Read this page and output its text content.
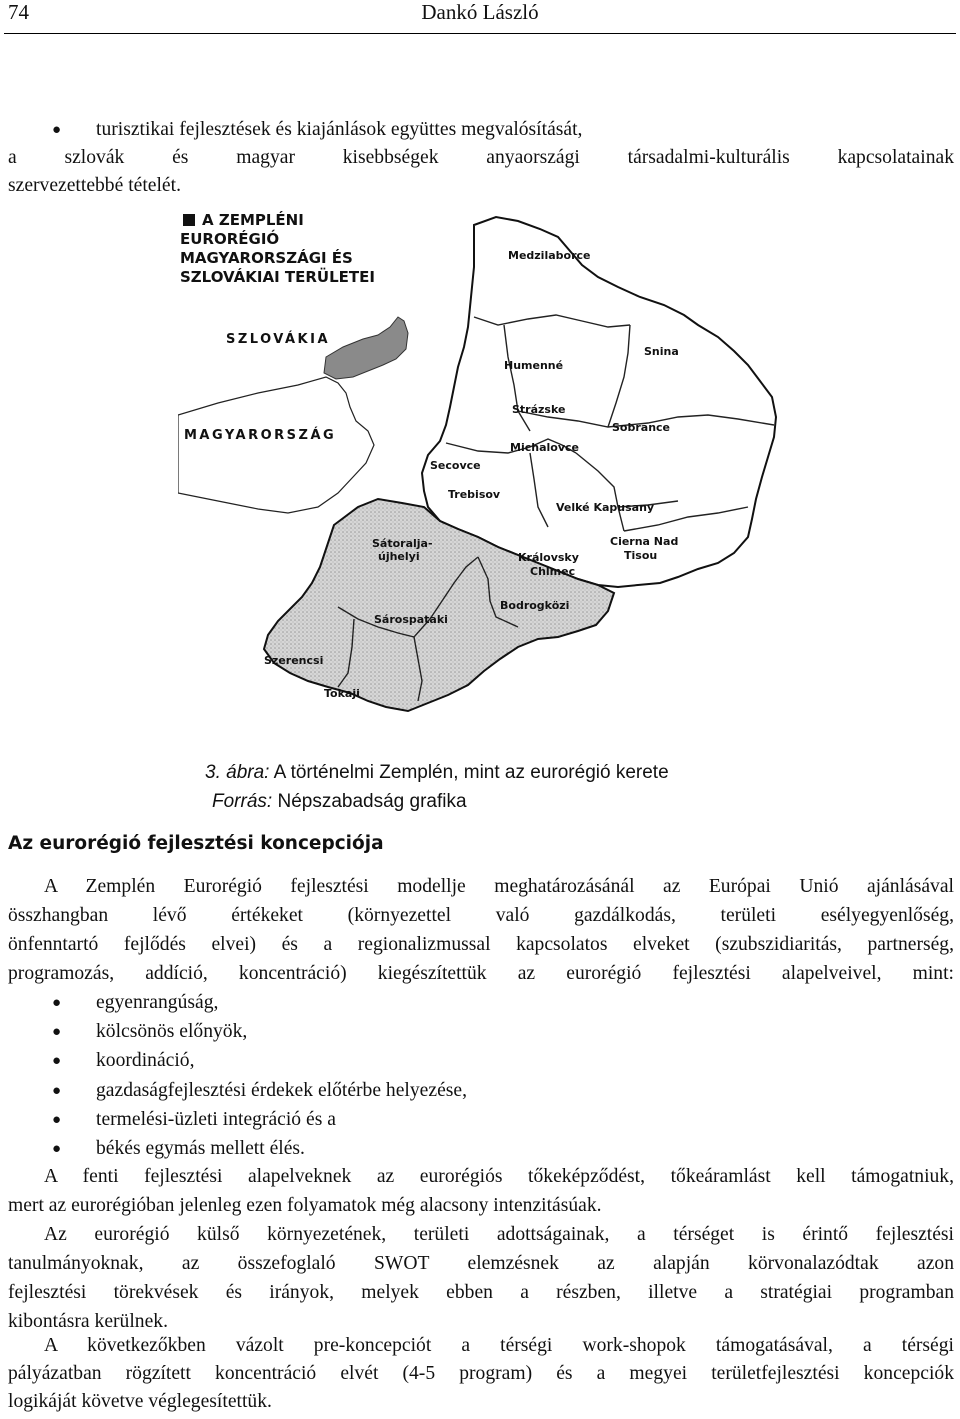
74	Dankó László
● turisztikai fejlesztések és kiajánlások együttes megvalósítását,
a szlovák és magyar kisebbségek anyaországi társadalmi-kulturális kapcsolatainak
szervezettebbé tételét.
A ZEMPLÉNI
EURORÉGIÓ
MAGYARORSZÁGI ÉS
SZLOVÁKIAI TERÜLETEI
SZLOVÁKIA
MAGYARORSZÁG
Medzilaborce
Humenné
Snina
Strázske
Sobrance
Michalovce
Secovce
Trebisov
Velké Kapusany
Sátoralja-
újhelyi
Cierna Nad
Tisou
Královsky
Chlmec
Bodrogközi
Sárospataki
Szerencsi
Tokaji
3. ábra: A történelmi Zemplén, mint az eurorégió kerete
Forrás: Népszabadság grafika
Az eurorégió fejlesztési koncepciója
A Zemplén Eurorégió fejlesztési modellje meghatározásánál az Európai Unió ajánlásával
összhangban lévő értékeket (környezettel való gazdálkodás, területi esélyegyenlőség,
önfenntartó fejlődés elvei) és a regionalizmussal kapcsolatos elveket (szubszidiaritás, partnerség,
programozás, addíció, koncentráció) kiegészítettük az eurorégió fejlesztési alapelveivel, mint:
● egyenrangúság,
● kölcsönös előnyök,
● koordináció,
● gazdaságfejlesztési érdekek előtérbe helyezése,
● termelési-üzleti integráció és a
● békés egymás mellett élés.
A fenti fejlesztési alapelveknek az eurorégiós tőkeképződést, tőkeáramlást kell támogatniuk,
mert az eurorégióban jelenleg ezen folyamatok még alacsony intenzitásúak.
Az eurorégió külső környezetének, területi adottságainak, a térséget is érintő fejlesztési
tanulmányoknak, az összefoglaló SWOT elemzésnek az alapján körvonalazódtak azon
fejlesztési törekvések és irányok, melyek ebben a részben, illetve a stratégiai programban
kibontásra kerülnek.
A következőkben vázolt pre-koncepciót a térségi work-shopok támogatásával, a térségi
pályázatban rögzített koncentráció elvét (4-5 program) és a megyei területfejlesztési koncepciók
logikáját követve véglegesítettük.
